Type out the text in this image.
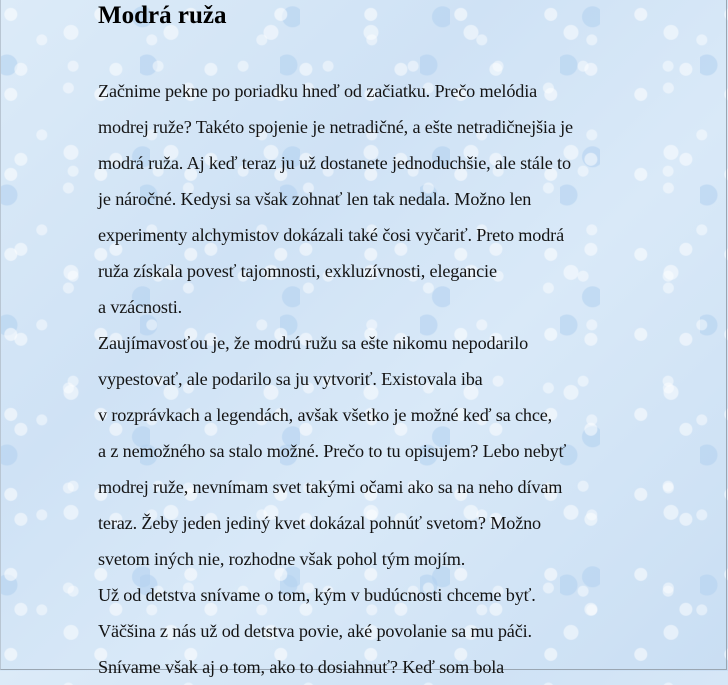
Modrá ruža
Začnime pekne po poriadku hneď od začiatku. Prečo melódia
modrej ruže? Takéto spojenie je netradičné, a ešte netradičnejšia je
modrá ruža. Aj keď teraz ju už dostanete jednoduchšie, ale stále to
je náročné. Kedysi sa však zohnať len tak nedala. Možno len
experimenty alchymistov dokázali také čosi vyčariť. Preto modrá
ruža získala povesť tajomnosti, exkluzívnosti, elegancie
a vzácnosti.
Zaujímavosťou je, že modrú ružu sa ešte nikomu nepodarilo
vypestovať, ale podarilo sa ju vytvoriť. Existovala iba
v rozprávkach a legendách, avšak všetko je možné keď sa chce,
a z nemožného sa stalo možné. Prečo to tu opisujem? Lebo nebyť
modrej ruže, nevnímam svet takými očami ako sa na neho dívam
teraz. Žeby jeden jediný kvet dokázal pohnúť svetom? Možno
svetom iných nie, rozhodne však pohol tým mojím.
Už od detstva snívame o tom, kým v budúcnosti chceme byť.
Väčšina z nás už od detstva povie, aké povolanie sa mu páči.
Snívame však aj o tom, ako to dosiahnuť? Keď som bola
